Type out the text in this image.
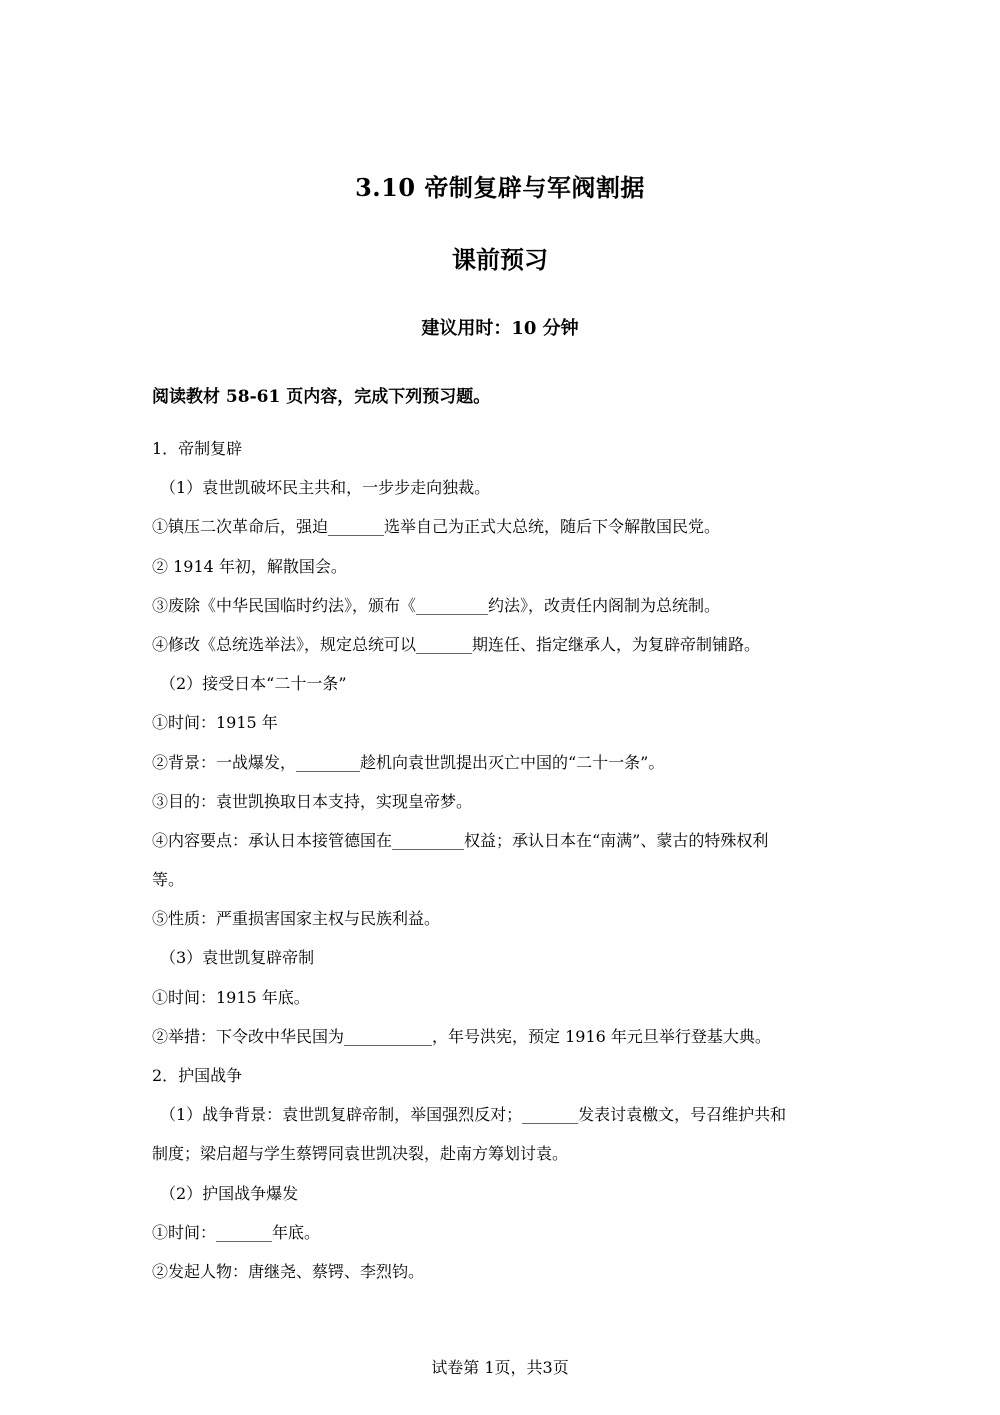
3.10 帝制复辟与军阀割据
课前预习
建议用时：10 分钟
阅读教材 58-61 页内容，完成下列预习题。
1．帝制复辟
（1）袁世凯破坏民主共和，一步步走向独裁。
①镇压二次革命后，强迫_______选举自己为正式大总统，随后下令解散国民党。
② 1914 年初，解散国会。
③废除《中华民国临时约法》，颁布《_________约法》，改责任内阁制为总统制。
④修改《总统选举法》，规定总统可以_______期连任、指定继承人，为复辟帝制铺路。
（2）接受日本“二十一条”
①时间：1915 年
②背景：一战爆发，________趁机向袁世凯提出灭亡中国的“二十一条”。
③目的：袁世凯换取日本支持，实现皇帝梦。
④内容要点：承认日本接管德国在_________权益；承认日本在“南满”、蒙古的特殊权利
等。
⑤性质：严重损害国家主权与民族利益。
（3）袁世凯复辟帝制
①时间：1915 年底。
②举措：下令改中华民国为___________，年号洪宪，预定 1916 年元旦举行登基大典。
2．护国战争
（1）战争背景：袁世凯复辟帝制，举国强烈反对；_______发表讨袁檄文，号召维护共和
制度；梁启超与学生蔡锷同袁世凯决裂，赴南方筹划讨袁。
（2）护国战争爆发
①时间：_______年底。
②发起人物：唐继尧、蔡锷、李烈钧。
试卷第 1页，共3页
